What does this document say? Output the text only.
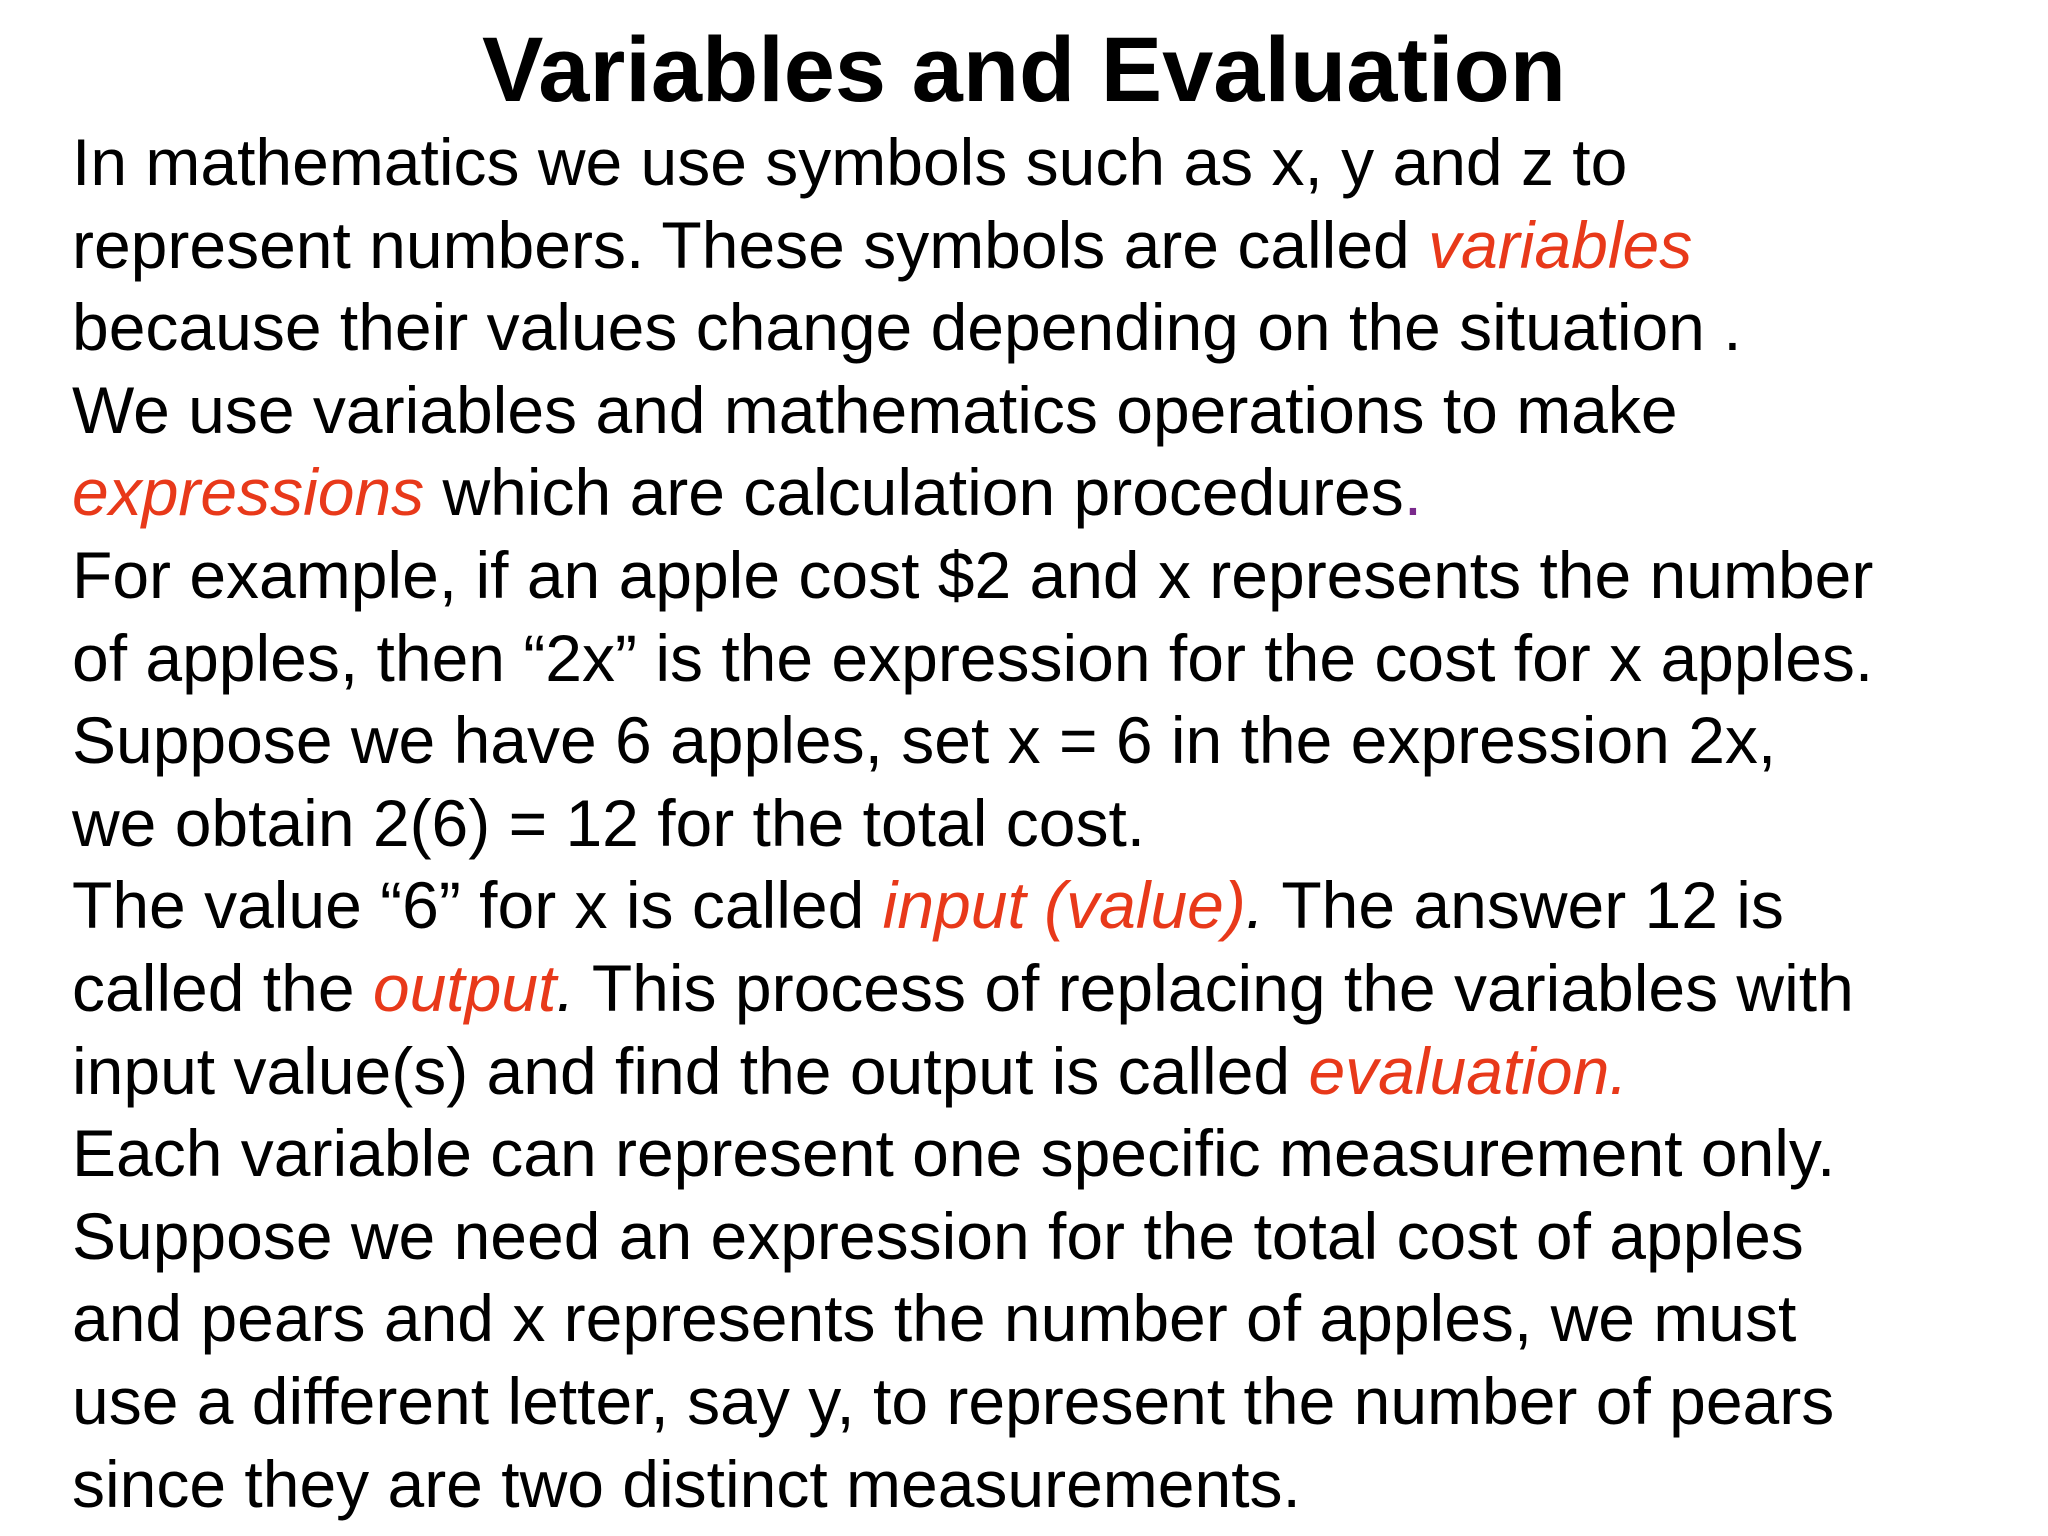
Variables and Evaluation
In mathematics we use symbols such as x, y and z to
represent numbers. These symbols are called variables
because their values change depending on the situation .
We use variables and mathematics operations to make
expressions which are calculation procedures.
For example, if an apple cost $2 and x represents the number
of apples, then “2x” is the expression for the cost for x apples.
Suppose we have 6 apples, set x = 6 in the expression 2x,
we obtain 2(6) = 12 for the total cost.
The value “6” for x is called input (value). The answer 12 is
called the output. This process of replacing the variables with
input value(s) and find the output is called evaluation.
Each variable can represent one specific measurement only.
Suppose we need an expression for the total cost of apples
and pears and x represents the number of apples, we must
use a different letter, say y, to represent the number of pears
since they are two distinct measurements.
